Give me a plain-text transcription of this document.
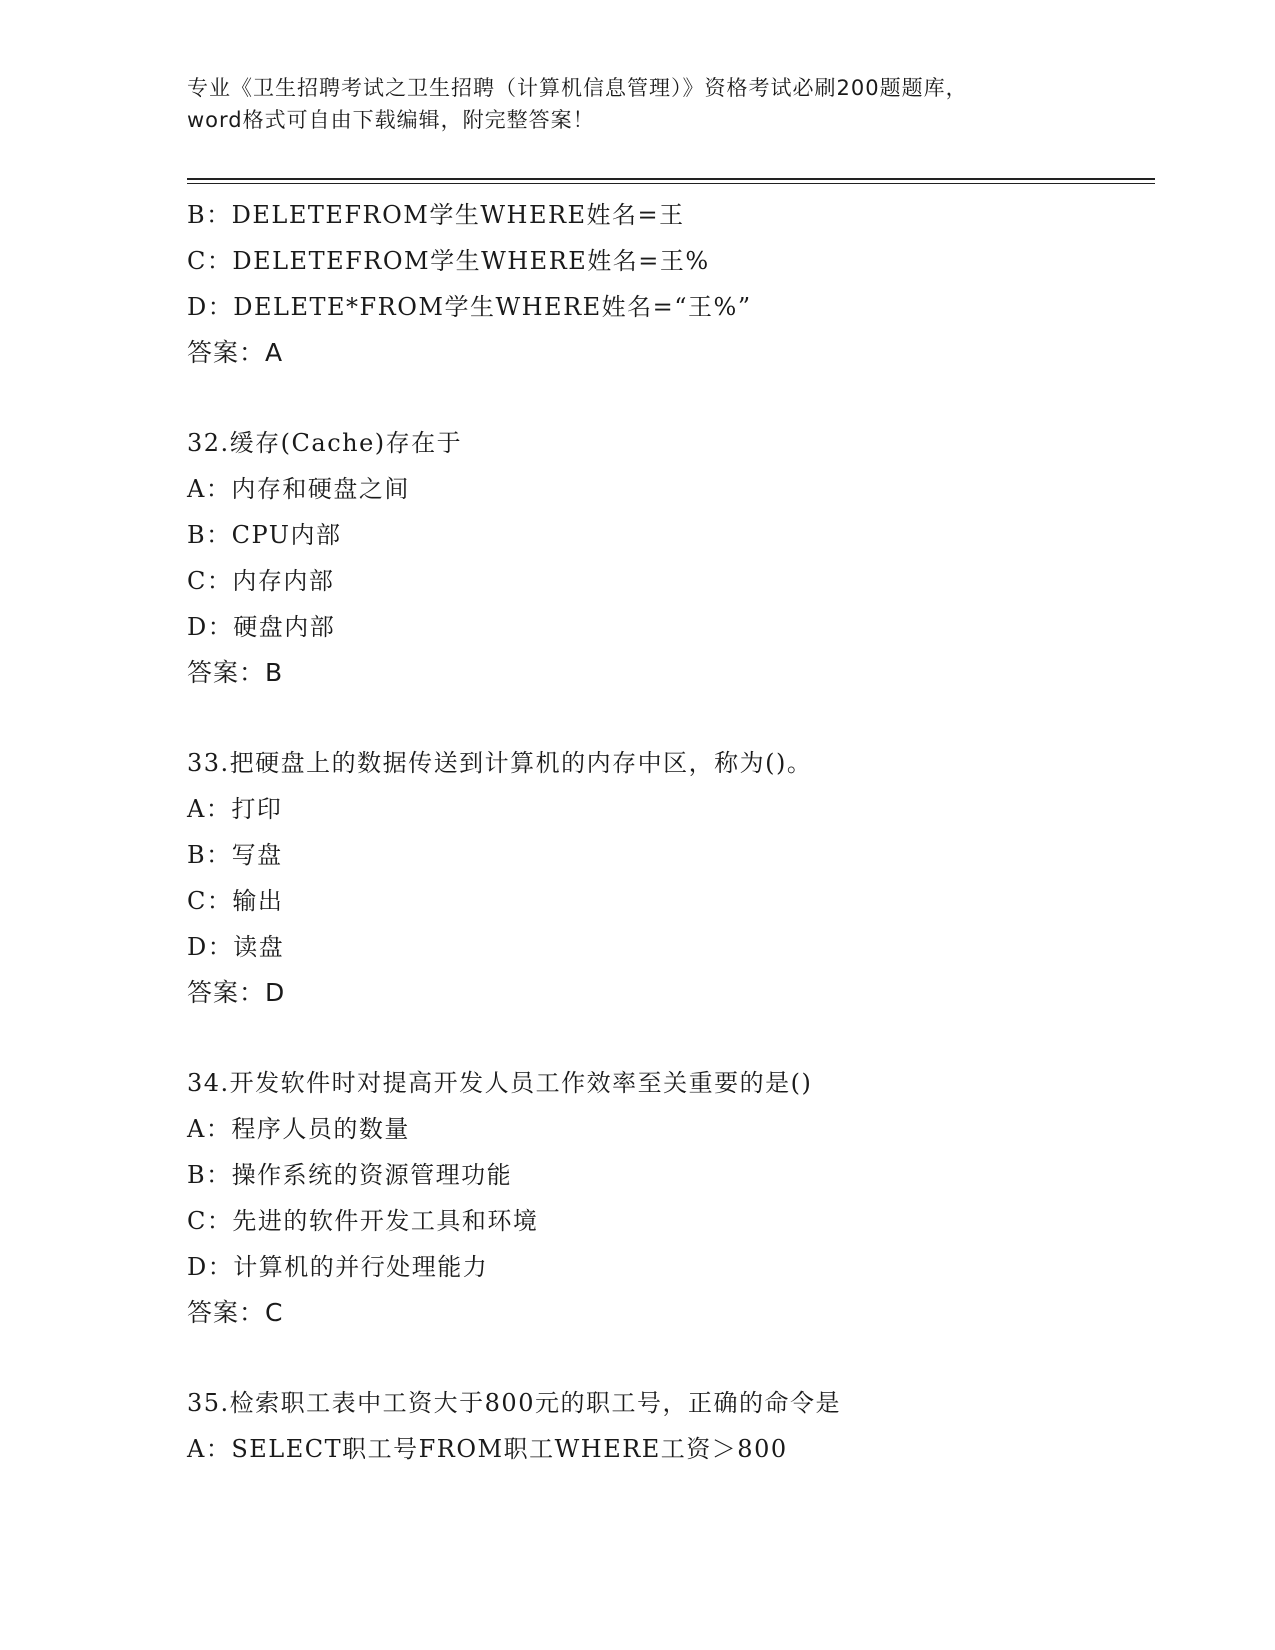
专业《卫生招聘考试之卫生招聘（计算机信息管理）》资格考试必刷200题题库，
word格式可自由下载编辑，附完整答案！
B：DELETEFROM学生WHERE姓名=王
C：DELETEFROM学生WHERE姓名=王%
D：DELETE*FROM学生WHERE姓名=“王%”
答案：A
32.缓存(Cache)存在于
A：内存和硬盘之间
B：CPU内部
C：内存内部
D：硬盘内部
答案：B
33.把硬盘上的数据传送到计算机的内存中区，称为()。
A：打印
B：写盘
C：输出
D：读盘
答案：D
34.开发软件时对提高开发人员工作效率至关重要的是()
A：程序人员的数量
B：操作系统的资源管理功能
C：先进的软件开发工具和环境
D：计算机的并行处理能力
答案：C
35.检索职工表中工资大于800元的职工号，正确的命令是
A：SELECT职工号FROM职工WHERE工资＞800
